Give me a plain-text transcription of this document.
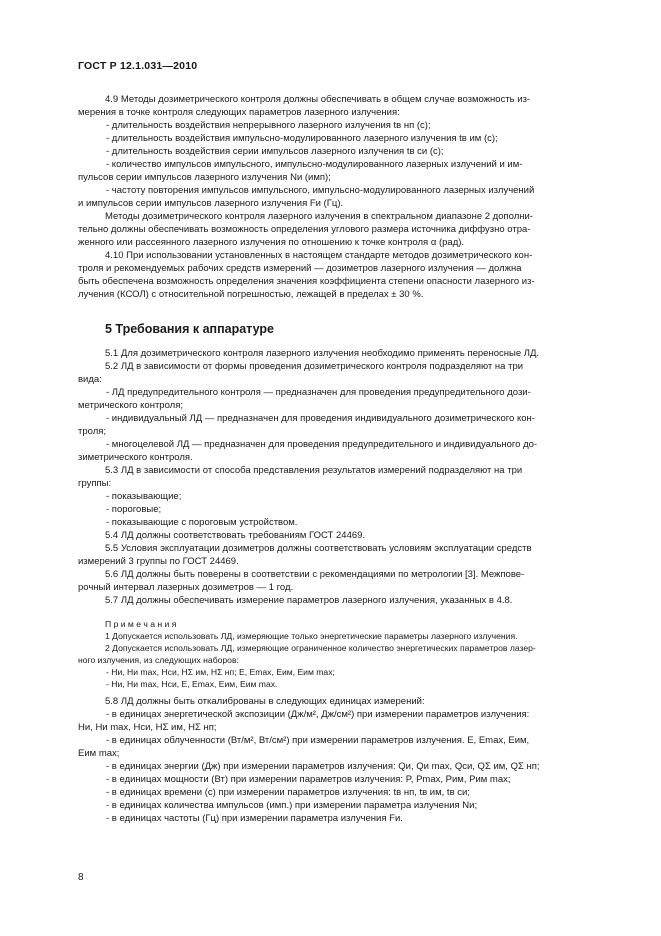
ГОСТ Р 12.1.031—2010
4.9 Методы дозиметрического контроля должны обеспечивать в общем случае возможность из-
мерения в точке контроля следующих параметров лазерного излучения:
- длительность воздействия непрерывного лазерного излучения tв нп (с);
- длительность воздействия импульсно-модулированного лазерного излучения tв им (с);
- длительность воздействия серии импульсов лазерного излучения tв си (с);
- количество импульсов импульсного, импульсно-модулированного лазерных излучений и им-
пульсов серии импульсов лазерного излучения Nи (имп);
- частоту повторения импульсов импульсного, импульсно-модулированного лазерных излучений
и импульсов серии импульсов лазерного излучения Fи (Гц).
Методы дозиметрического контроля лазерного излучения в спектральном диапазоне 2 дополни-
тельно должны обеспечивать возможность определения углового размера источника диффузно отра-
женного или рассеянного лазерного излучения по отношению к точке контроля α (рад).
4.10 При использовании установленных в настоящем стандарте методов дозиметрического кон-
троля и рекомендуемых рабочих средств измерений — дозиметров лазерного излучения — должна
быть обеспечена возможность определения значения коэффициента степени опасности лазерного из-
лучения (КСОЛ) с относительной погрешностью, лежащей в пределах ± 30 %.
5 Требования к аппаратуре
5.1 Для дозиметрического контроля лазерного излучения необходимо применять переносные ЛД.
5.2 ЛД в зависимости от формы проведения дозиметрического контроля подразделяют на три
вида:
- ЛД предупредительного контроля — предназначен для проведения предупредительного дози-
метрического контроля;
- индивидуальный ЛД — предназначен для проведения индивидуального дозиметрического кон-
троля;
- многоцелевой ЛД — предназначен для проведения предупредительного и индивидуального до-
зиметрического контроля.
5.3 ЛД в зависимости от способа представления результатов измерений подразделяют на три
группы:
- показывающие;
- пороговые;
- показывающие с пороговым устройством.
5.4 ЛД должны соответствовать требованиям ГОСТ 24469.
5.5 Условия эксплуатации дозиметров должны соответствовать условиям эксплуатации средств
измерений 3 группы по ГОСТ 24469.
5.6 ЛД должны быть поверены в соответствии с рекомендациями по метрологии [3]. Межпове-
рочный интервал лазерных дозиметров — 1 год.
5.7 ЛД должны обеспечивать измерение параметров лазерного излучения, указанных в 4.8.
П р и м е ч а н и я
1 Допускается использовать ЛД, измеряющие только энергетические параметры лазерного излучения.
2 Допускается использовать ЛД, измеряющие ограниченное количество энергетических параметров лазер-
ного излучения, из следующих наборов:
- Hи, Hи max, Hси, HΣ им, HΣ нп; E, Emax, Eим, Eим max;
- Hи, Hи max, Hси, E, Emax, Eим, Eим max.
5.8 ЛД должны быть откалиброваны в следующих единицах измерений:
- в единицах энергетической экспозиции (Дж/м², Дж/см²) при измерении параметров излучения:
Hи, Hи max, Hси, HΣ им, HΣ нп;
- в единицах облученности (Вт/м², Вт/см²) при измерении параметров излучения. E, Emax, Eим,
Eим max;
- в единицах энергии (Дж) при измерении параметров излучения: Qи, Qи max, Qси, QΣ им, QΣ нп;
- в единицах мощности (Вт) при измерении параметров излучения: P, Pmax, Pим, Pим max;
- в единицах времени (с) при измерении параметров излучения: tв нп, tв им, tв си;
- в единицах количества импульсов (имп.) при измерении параметра излучения Nи;
- в единицах частоты (Гц) при измерении параметра излучения Fи.
8
